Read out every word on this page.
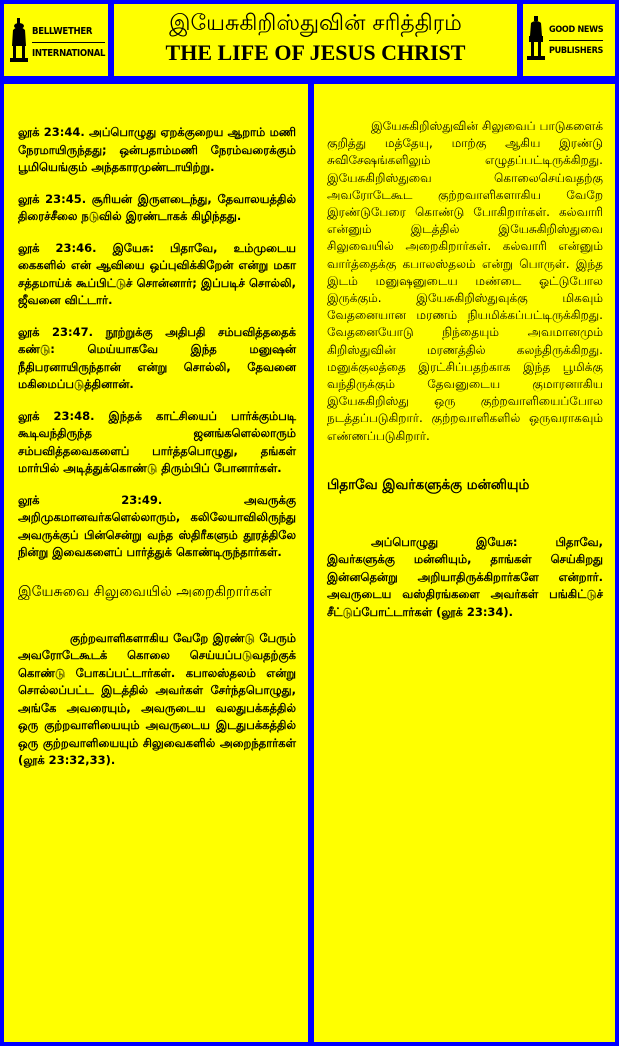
BELLWETHER
INTERNATIONAL
இயேசுகிறிஸ்துவின் சரித்திரம்
THE LIFE OF JESUS CHRIST
GOOD NEWS
PUBLISHERS

லூக் 23:44. அப்பொழுது ஏறக்குறைய ஆறாம் மணி நேரமாயிருந்தது; ஒன்பதாம்மணி நேரம்வரைக்கும் பூமியெங்கும் அந்தகாரமுண்டாயிற்று.

லூக் 23:45. சூரியன் இருளடைந்து, தேவாலயத்தில் திரைச்சீலை நடுவில் இரண்டாகக் கிழிந்தது.

லூக் 23:46. இயேசு: பிதாவே, உம்முடைய கைகளில் என் ஆவியை ஒப்புவிக்கிறேன் என்று மகா சத்தமாய்க் கூப்பிட்டுச் சொன்னார்; இப்படிச் சொல்லி, ஜீவனை விட்டார்.

லூக் 23:47. நூற்றுக்கு அதிபதி சம்பவித்ததைக் கண்டு: மெய்யாகவே இந்த மனுஷன் நீதிபரனாயிருந்தான் என்று சொல்லி, தேவனை மகிமைப்படுத்தினான்.

லூக் 23:48. இந்தக் காட்சியைப் பார்க்கும்படி கூடிவந்திருந்த ஜனங்களெல்லாரும் சம்பவித்தவைகளைப் பார்த்தபொழுது, தங்கள் மார்பில் அடித்துக்கொண்டு திரும்பிப் போனார்கள்.

லூக் 23:49. அவருக்கு அறிமுகமானவர்களெல்லாரும், கலிலேயாவிலிருந்து அவருக்குப் பின்சென்று வந்த ஸ்திரீகளும் தூரத்திலே நின்று இவைகளைப் பார்த்துக் கொண்டிருந்தார்கள்.

இயேசுவை சிலுவையில் அறைகிறார்கள்

குற்றவாளிகளாகிய வேறே இரண்டு பேரும் அவரோடேகூடக் கொலை செய்யப்படுவதற்குக் கொண்டு போகப்பட்டார்கள். கபாலஸ்தலம் என்று சொல்லப்பட்ட இடத்தில் அவர்கள் சேர்ந்தபொழுது, அங்கே அவரையும், அவருடைய வலதுபக்கத்தில் ஒரு குற்றவாளியையும் அவருடைய இடதுபக்கத்தில் ஒரு குற்றவாளியையும் சிலுவைகளில் அறைந்தார்கள் (லூக் 23:32,33).

இயேசுகிறிஸ்துவின் சிலுவைப் பாடுகளைக் குறித்து மத்தேயு, மாற்கு ஆகிய இரண்டு சுவிசேஷங்களிலும் எழுதப்பட்டிருக்கிறது. இயேசுகிறிஸ்துவை கொலைசெய்வதற்கு அவரோடேகூட குற்றவாளிகளாகிய வேறே இரண்டுபேரை கொண்டு போகிறார்கள். கல்வாரி என்னும் இடத்தில் இயேசுகிறிஸ்துவை சிலுவையில் அறைகிறார்கள். கல்வாரி என்னும் வார்த்தைக்கு கபாலஸ்தலம் என்று பொருள். இந்த இடம் மனுஷனுடைய மண்டை ஓட்டுபோல இருக்கும். இயேசுகிறிஸ்துவுக்கு மிகவும் வேதனையான மரணம் நியமிக்கப்பட்டிருக்கிறது. வேதனையோடு நிந்தையும் அவமானமும் கிறிஸ்துவின் மரணத்தில் கலந்திருக்கிறது. மனுக்குலத்தை இரட்சிப்பதற்காக இந்த பூமிக்கு வந்திருக்கும் தேவனுடைய குமாரனாகிய இயேசுகிறிஸ்து ஒரு குற்றவாளியைப்போல நடத்தப்படுகிறார். குற்றவாளிகளில் ஒருவராகவும் எண்ணப்படுகிறார்.

பிதாவே இவர்களுக்கு மன்னியும்

அப்பொழுது இயேசு: பிதாவே, இவர்களுக்கு மன்னியும், தாங்கள் செய்கிறது இன்னதென்று அறியாதிருக்கிறார்களே என்றார். அவருடைய வஸ்திரங்களை அவர்கள் பங்கிட்டுச் சீட்டுப்போட்டார்கள் (லூக் 23:34).
